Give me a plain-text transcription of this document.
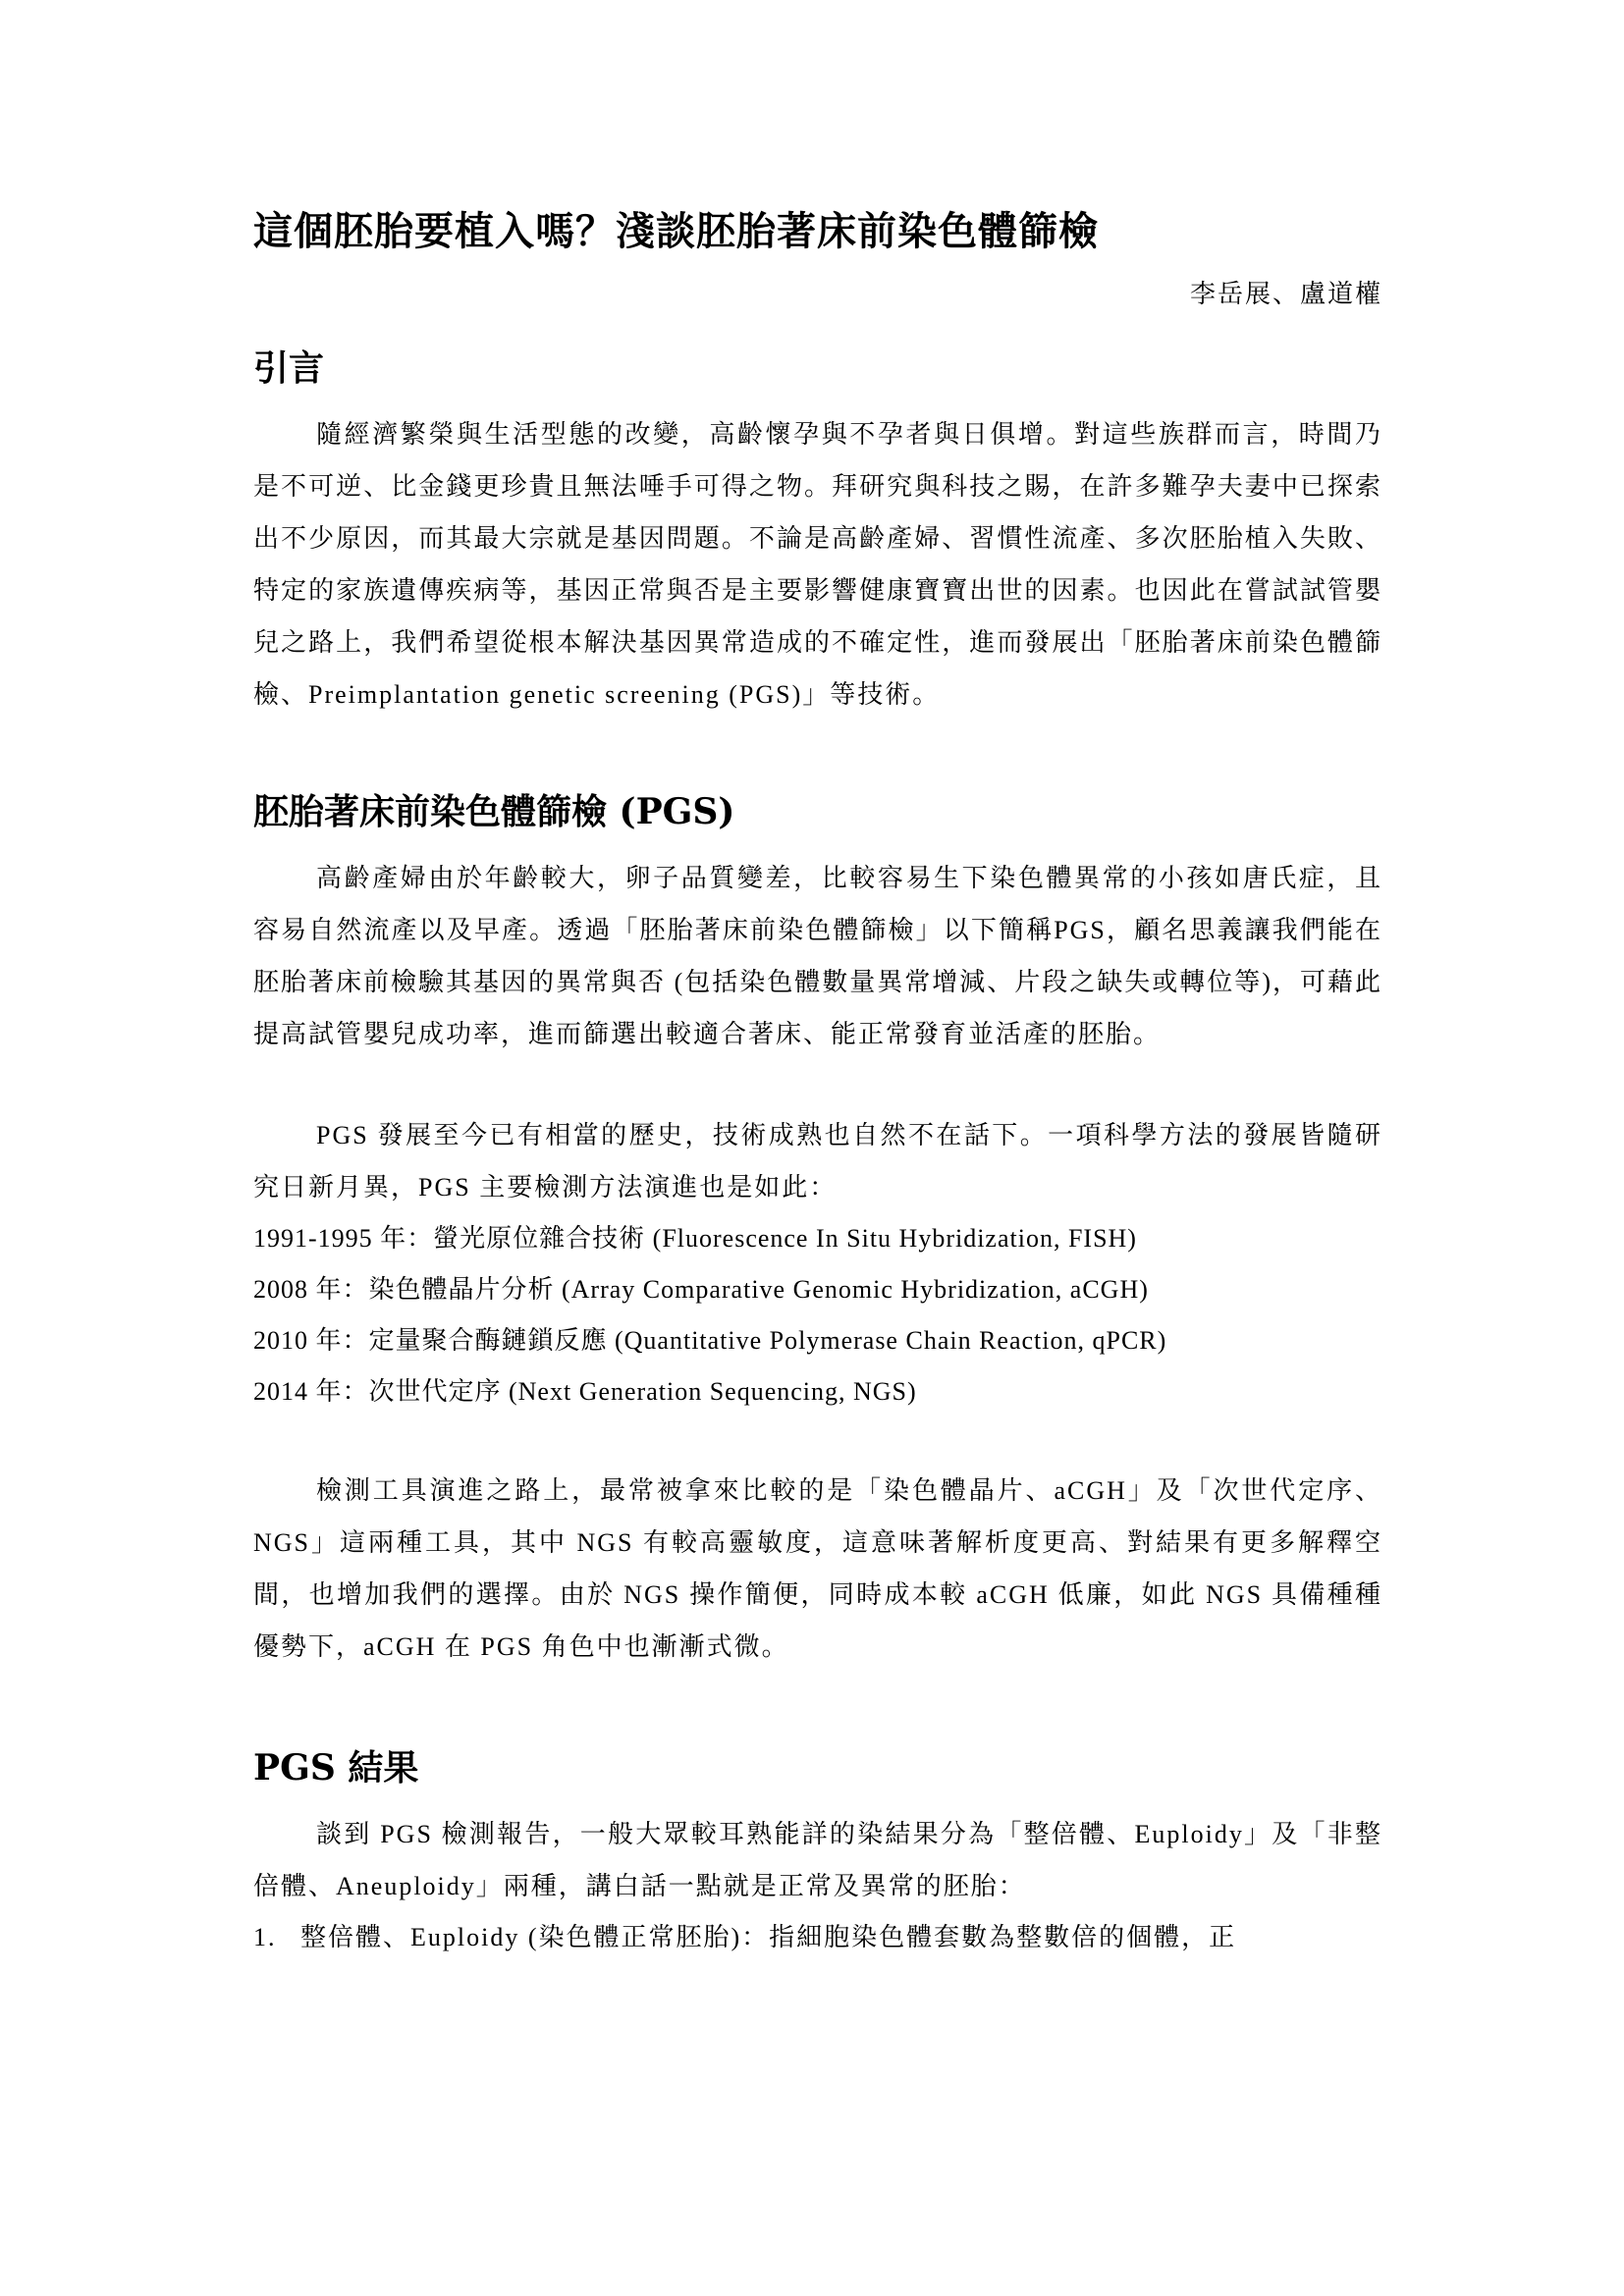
這個胚胎要植入嗎？淺談胚胎著床前染色體篩檢
李岳展、盧道權
引言

隨經濟繁榮與生活型態的改變，高齡懷孕與不孕者與日俱增。對這些族群而言，時間乃是不可逆、比金錢更珍貴且無法唾手可得之物。拜研究與科技之賜，在許多難孕夫妻中已探索出不少原因，而其最大宗就是基因問題。不論是高齡產婦、習慣性流產、多次胚胎植入失敗、特定的家族遺傳疾病等，基因正常與否是主要影響健康寶寶出世的因素。也因此在嘗試試管嬰兒之路上，我們希望從根本解決基因異常造成的不確定性，進而發展出「胚胎著床前染色體篩檢、Preimplantation genetic screening (PGS)」等技術。

胚胎著床前染色體篩檢 (PGS)

高齡產婦由於年齡較大，卵子品質變差，比較容易生下染色體異常的小孩如唐氏症，且容易自然流產以及早產。透過「胚胎著床前染色體篩檢」以下簡稱PGS，顧名思義讓我們能在胚胎著床前檢驗其基因的異常與否 (包括染色體數量異常增減、片段之缺失或轉位等)，可藉此提高試管嬰兒成功率，進而篩選出較適合著床、能正常發育並活產的胚胎。

PGS 發展至今已有相當的歷史，技術成熟也自然不在話下。一項科學方法的發展皆隨研究日新月異，PGS 主要檢測方法演進也是如此：

1991-1995 年：螢光原位雜合技術 (Fluorescence In Situ Hybridization, FISH)
2008 年：染色體晶片分析 (Array Comparative Genomic Hybridization, aCGH)
2010 年：定量聚合酶鏈鎖反應 (Quantitative Polymerase Chain Reaction, qPCR)
2014 年：次世代定序 (Next Generation Sequencing, NGS)

檢測工具演進之路上，最常被拿來比較的是「染色體晶片、aCGH」及「次世代定序、NGS」這兩種工具，其中 NGS 有較高靈敏度，這意味著解析度更高、對結果有更多解釋空間，也增加我們的選擇。由於 NGS 操作簡便，同時成本較 aCGH 低廉，如此 NGS 具備種種優勢下，aCGH 在 PGS 角色中也漸漸式微。

PGS 結果

談到 PGS 檢測報告，一般大眾較耳熟能詳的染結果分為「整倍體、Euploidy」及「非整倍體、Aneuploidy」兩種，講白話一點就是正常及異常的胚胎：

1. 整倍體、Euploidy (染色體正常胚胎)：指細胞染色體套數為整數倍的個體，正
